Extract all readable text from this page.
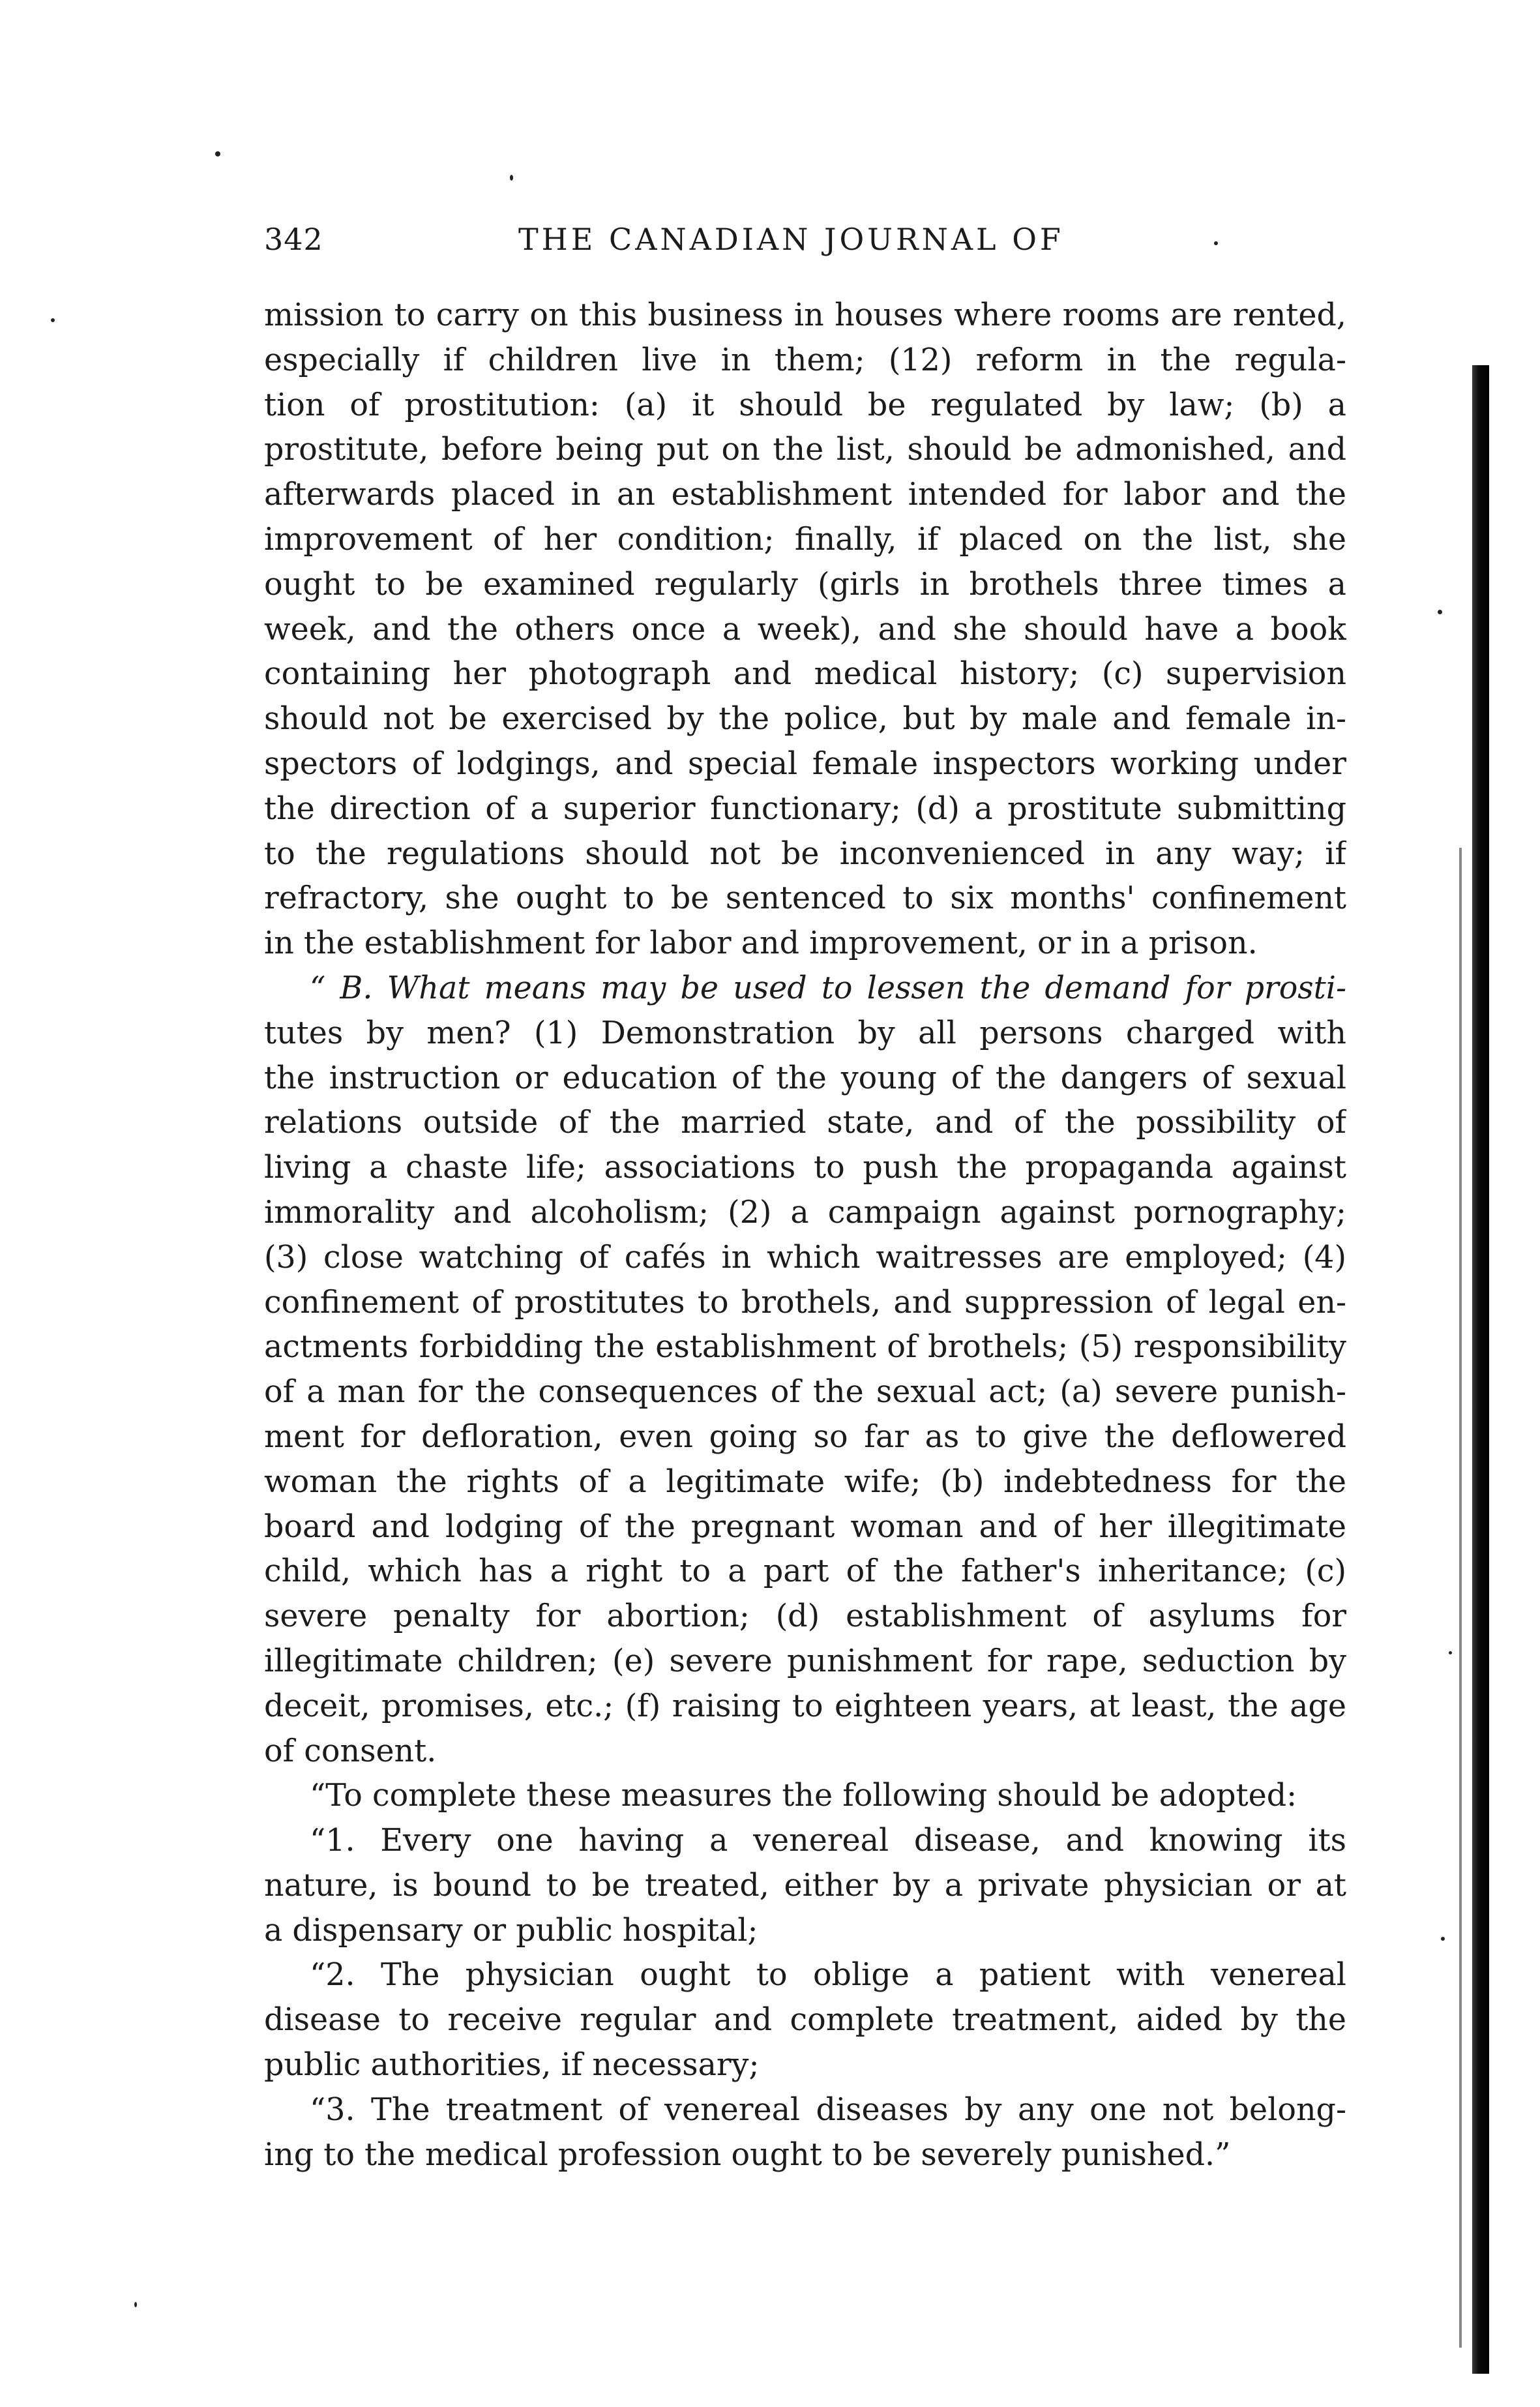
342	THE CANADIAN JOURNAL OF
mission to carry on this business in houses where rooms are rented,
especially if children live in them; (12) reform in the regula-
tion of prostitution: (a) it should be regulated by law; (b) a
prostitute, before being put on the list, should be admonished, and
afterwards placed in an establishment intended for labor and the
improvement of her condition; finally, if placed on the list, she
ought to be examined regularly (girls in brothels three times a
week, and the others once a week), and she should have a book
containing her photograph and medical history; (c) supervision
should not be exercised by the police, but by male and female in-
spectors of lodgings, and special female inspectors working under
the direction of a superior functionary; (d) a prostitute submitting
to the regulations should not be inconvenienced in any way; if
refractory, she ought to be sentenced to six months' confinement
in the establishment for labor and improvement, or in a prison.
“ B. What means may be used to lessen the demand for prosti-
tutes by men? (1) Demonstration by all persons charged with
the instruction or education of the young of the dangers of sexual
relations outside of the married state, and of the possibility of
living a chaste life; associations to push the propaganda against
immorality and alcoholism; (2) a campaign against pornography;
(3) close watching of cafés in which waitresses are employed; (4)
confinement of prostitutes to brothels, and suppression of legal en-
actments forbidding the establishment of brothels; (5) responsibility
of a man for the consequences of the sexual act; (a) severe punish-
ment for defloration, even going so far as to give the deflowered
woman the rights of a legitimate wife; (b) indebtedness for the
board and lodging of the pregnant woman and of her illegitimate
child, which has a right to a part of the father's inheritance; (c)
severe penalty for abortion; (d) establishment of asylums for
illegitimate children; (e) severe punishment for rape, seduction by
deceit, promises, etc.; (f) raising to eighteen years, at least, the age
of consent.
“To complete these measures the following should be adopted:
“1. Every one having a venereal disease, and knowing its
nature, is bound to be treated, either by a private physician or at
a dispensary or public hospital;
“2. The physician ought to oblige a patient with venereal
disease to receive regular and complete treatment, aided by the
public authorities, if necessary;
“3. The treatment of venereal diseases by any one not belong-
ing to the medical profession ought to be severely punished.”
